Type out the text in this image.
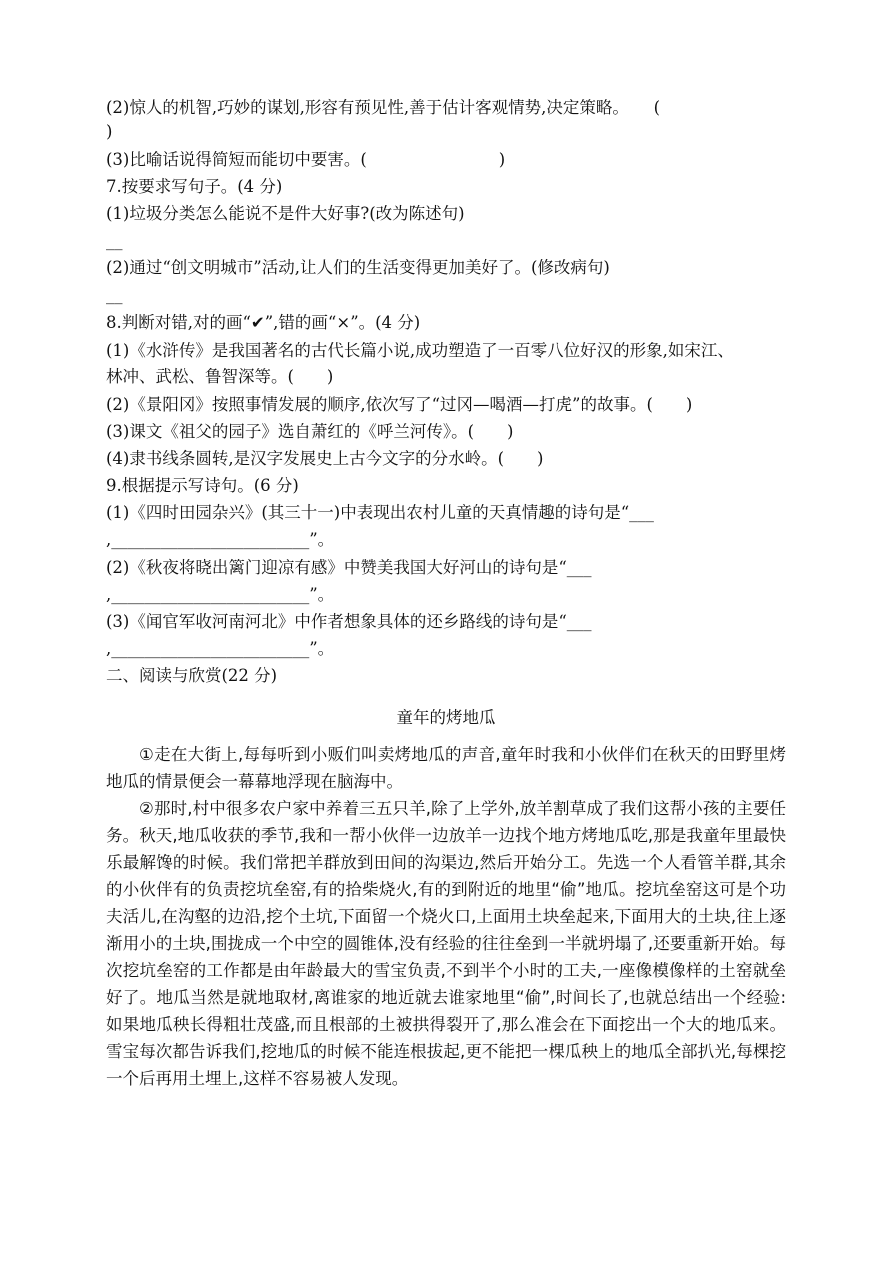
(2)惊人的机智,巧妙的谋划,形容有预见性,善于估计客观情势,决定策略。　　(
)
(3)比喻话说得简短而能切中要害。(　　　　　　　　)
7.按要求写句子。(4 分)
(1)垃圾分类怎么能说不是件大好事?(改为陈述句)
__
(2)通过“创文明城市”活动,让人们的生活变得更加美好了。(修改病句)
__
8.判断对错,对的画“✔”,错的画“×”。(4 分)
(1)《水浒传》是我国著名的古代长篇小说,成功塑造了一百零八位好汉的形象,如宋江、
林冲、武松、鲁智深等。(　　)
(2)《景阳冈》按照事情发展的顺序,依次写了“过冈—喝酒—打虎”的故事。(　　)
(3)课文《祖父的园子》选自萧红的《呼兰河传》。(　　)
(4)隶书线条圆转,是汉字发展史上古今文字的分水岭。(　　)
9.根据提示写诗句。(6 分)
(1)《四时田园杂兴》(其三十一)中表现出农村儿童的天真情趣的诗句是“___
,________________________”。
(2)《秋夜将晓出篱门迎凉有感》中赞美我国大好河山的诗句是“___
,________________________”。
(3)《闻官军收河南河北》中作者想象具体的还乡路线的诗句是“___
,________________________”。
二、阅读与欣赏(22 分)
童年的烤地瓜
①走在大街上,每每听到小贩们叫卖烤地瓜的声音,童年时我和小伙伴们在秋天的田野里烤地瓜的情景便会一幕幕地浮现在脑海中。
②那时,村中很多农户家中养着三五只羊,除了上学外,放羊割草成了我们这帮小孩的主要任务。秋天,地瓜收获的季节,我和一帮小伙伴一边放羊一边找个地方烤地瓜吃,那是我童年里最快乐最解馋的时候。我们常把羊群放到田间的沟渠边,然后开始分工。先选一个人看管羊群,其余的小伙伴有的负责挖坑垒窑,有的拾柴烧火,有的到附近的地里“偷”地瓜。挖坑垒窑这可是个功夫活儿,在沟壑的边沿,挖个土坑,下面留一个烧火口,上面用土块垒起来,下面用大的土块,往上逐渐用小的土块,围拢成一个中空的圆锥体,没有经验的往往垒到一半就坍塌了,还要重新开始。每次挖坑垒窑的工作都是由年龄最大的雪宝负责,不到半个小时的工夫,一座像模像样的土窑就垒好了。地瓜当然是就地取材,离谁家的地近就去谁家地里“偷”,时间长了,也就总结出一个经验:如果地瓜秧长得粗壮茂盛,而且根部的土被拱得裂开了,那么准会在下面挖出一个大的地瓜来。雪宝每次都告诉我们,挖地瓜的时候不能连根拔起,更不能把一棵瓜秧上的地瓜全部扒光,每棵挖一个后再用土埋上,这样不容易被人发现。
